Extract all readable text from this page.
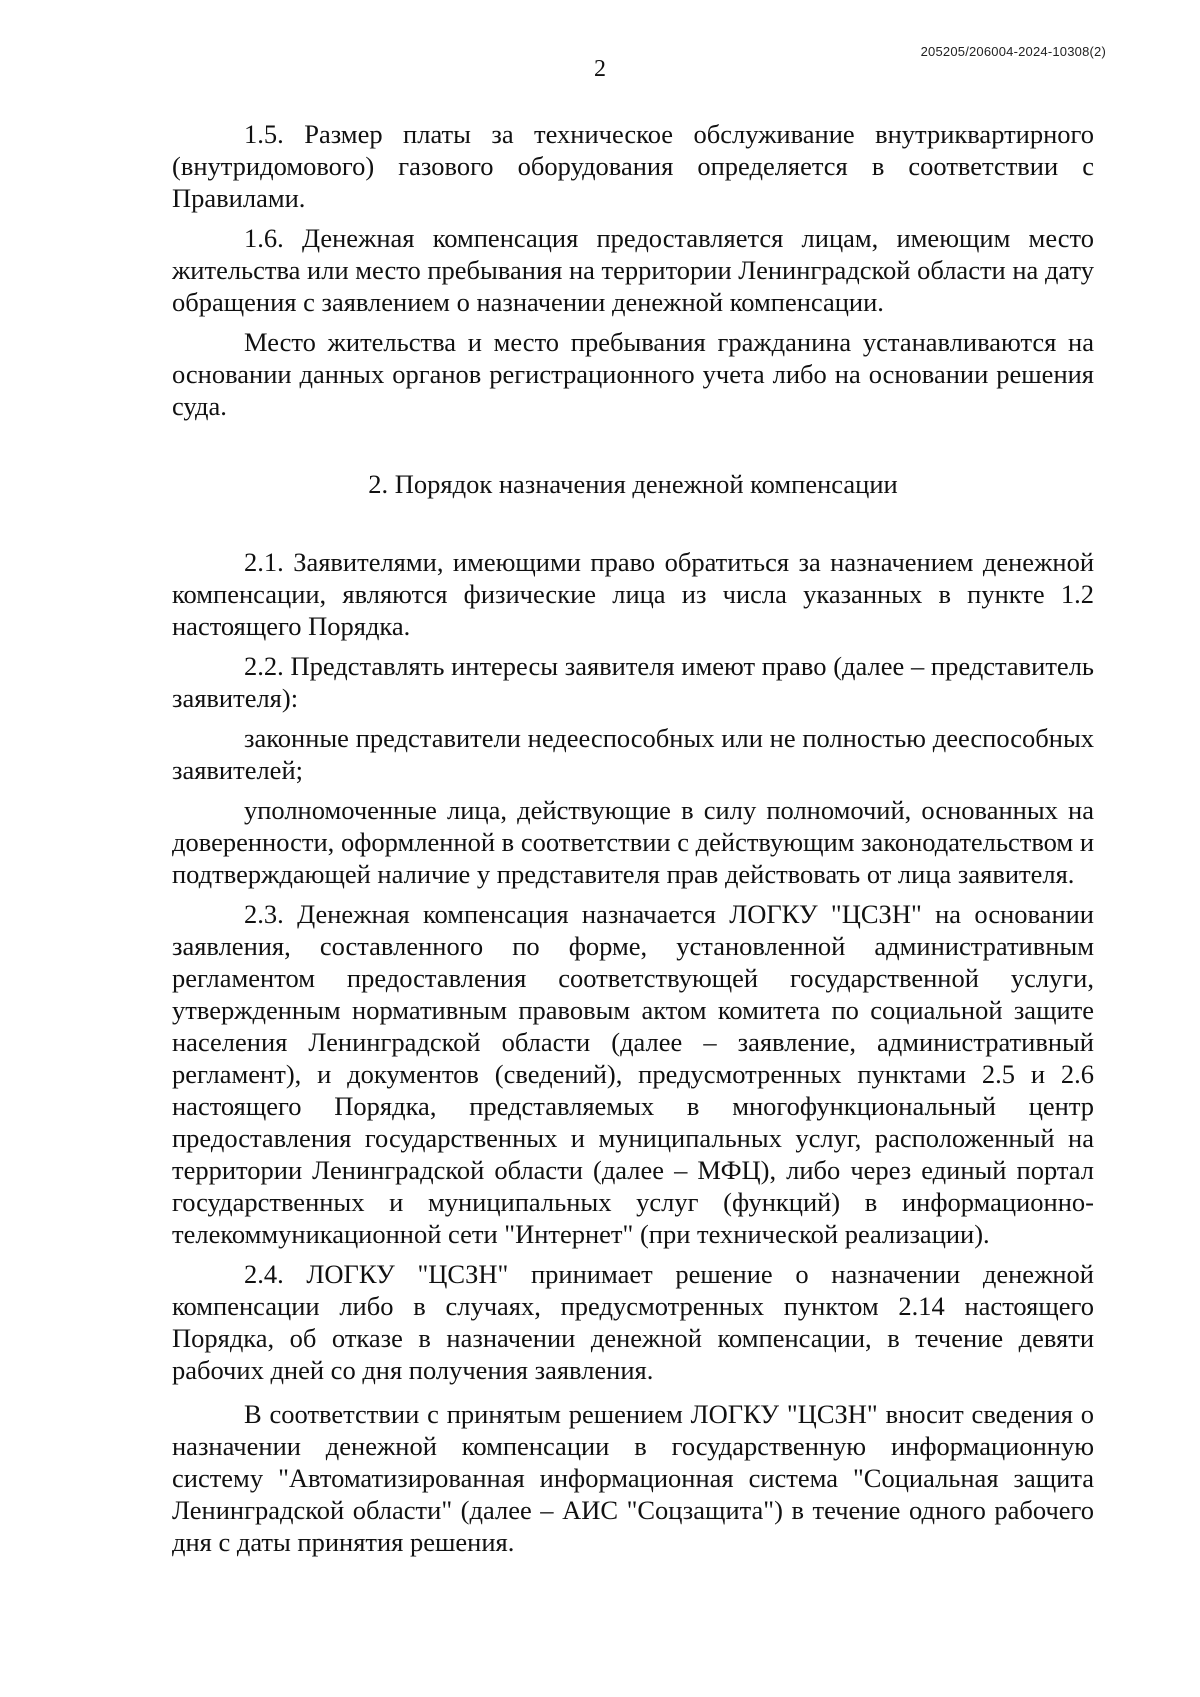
205205/206004-2024-10308(2)
2

1.5. Размер платы за техническое обслуживание внутриквартирного (внутридомового) газового оборудования определяется в соответствии с Правилами.

1.6. Денежная компенсация предоставляется лицам, имеющим место жительства или место пребывания на территории Ленинградской области на дату обращения с заявлением о назначении денежной компенсации.

Место жительства и место пребывания гражданина устанавливаются на основании данных органов регистрационного учета либо на основании решения суда.

2. Порядок назначения денежной компенсации

2.1. Заявителями, имеющими право обратиться за назначением денежной компенсации, являются физические лица из числа указанных в пункте 1.2 настоящего Порядка.

2.2. Представлять интересы заявителя имеют право (далее – представитель заявителя):

законные представители недееспособных или не полностью дееспособных заявителей;

уполномоченные лица, действующие в силу полномочий, основанных на доверенности, оформленной в соответствии с действующим законодательством и подтверждающей наличие у представителя прав действовать от лица заявителя.

2.3. Денежная компенсация назначается ЛОГКУ "ЦСЗН" на основании заявления, составленного по форме, установленной административным регламентом предоставления соответствующей государственной услуги, утвержденным нормативным правовым актом комитета по социальной защите населения Ленинградской области (далее – заявление, административный регламент), и документов (сведений), предусмотренных пунктами 2.5 и 2.6 настоящего Порядка, представляемых в многофункциональный центр предоставления государственных и муниципальных услуг, расположенный на территории Ленинградской области (далее – МФЦ), либо через единый портал государственных и муниципальных услуг (функций) в информационно-телекоммуникационной сети "Интернет" (при технической реализации).

2.4. ЛОГКУ "ЦСЗН" принимает решение о назначении денежной компенсации либо в случаях, предусмотренных пунктом 2.14 настоящего Порядка, об отказе в назначении денежной компенсации, в течение девяти рабочих дней со дня получения заявления.

В соответствии с принятым решением ЛОГКУ "ЦСЗН" вносит сведения о назначении денежной компенсации в государственную информационную систему "Автоматизированная информационная система "Социальная защита Ленинградской области" (далее – АИС "Соцзащита") в течение одного рабочего дня с даты принятия решения.
